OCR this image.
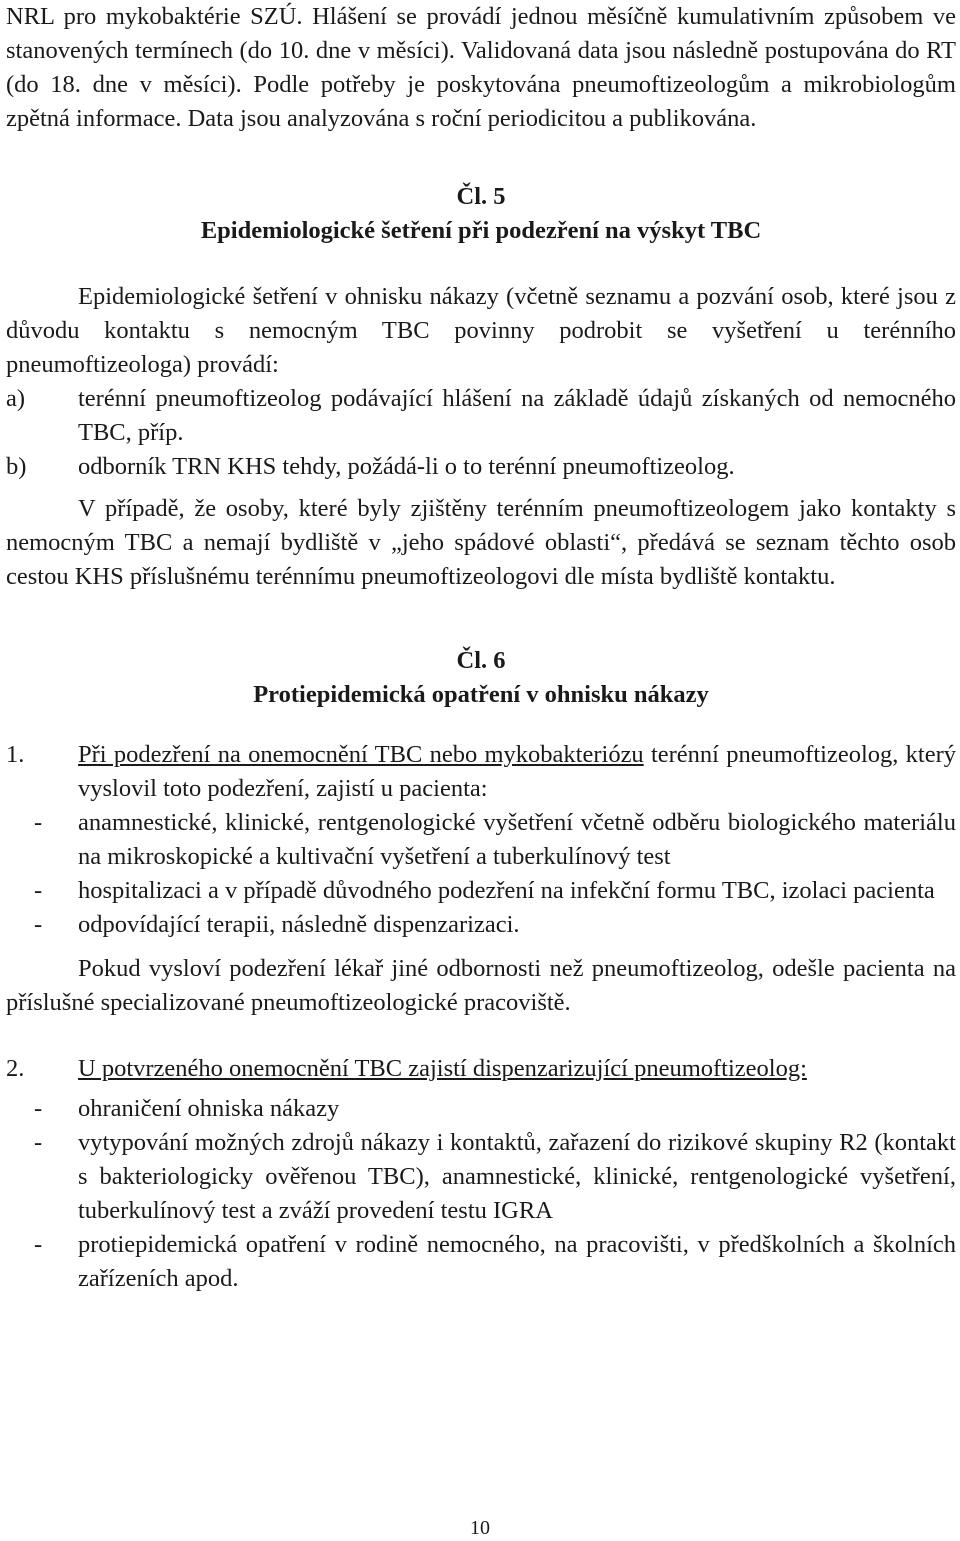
NRL pro mykobaktérie SZÚ. Hlášení se provádí jednou měsíčně kumulativním způsobem ve stanovených termínech (do 10. dne v měsíci). Validovaná data jsou následně postupována do RT (do 18. dne v měsíci). Podle potřeby je poskytována pneumoftizeologům a mikrobiologům zpětná informace. Data jsou analyzována s roční periodicitou a publikována.

Čl. 5
Epidemiologické šetření při podezření na výskyt TBC

Epidemiologické šetření v ohnisku nákazy (včetně seznamu a pozvání osob, které jsou z důvodu kontaktu s nemocným TBC povinny podrobit se vyšetření u terénního pneumoftizeologa) provádí:

a)	terénní pneumoftizeolog podávající hlášení na základě údajů získaných od nemocného TBC, příp.
b)	odborník TRN KHS tehdy, požádá-li o to terénní pneumoftizeolog.

V případě, že osoby, které byly zjištěny terénním pneumoftizeologem jako kontakty s nemocným TBC a nemají bydliště v „jeho spádové oblasti“, předává se seznam těchto osob cestou KHS příslušnému terénnímu pneumoftizeologovi dle místa bydliště kontaktu.

Čl. 6
Protiepidemická opatření v ohnisku nákazy
1.	Při podezření na onemocnění TBC nebo mykobakteriózu terénní pneumoftizeolog, který vyslovil toto podezření, zajistí u pacienta:
-	anamnestické, klinické, rentgenologické vyšetření včetně odběru biologického materiálu na mikroskopické a kultivační vyšetření a tuberkulínový test
-	hospitalizaci a v případě důvodného podezření na infekční formu TBC, izolaci pacienta
-	odpovídající terapii, následně dispenzarizaci.

Pokud vysloví podezření lékař jiné odbornosti než pneumoftizeolog, odešle pacienta na příslušné specializované pneumoftizeologické pracoviště.

2.	U potvrzeného onemocnění TBC zajistí dispenzarizující pneumoftizeolog:
-	ohraničení ohniska nákazy
-	vytypování možných zdrojů nákazy i kontaktů, zařazení do rizikové skupiny R2 (kontakt s bakteriologicky ověřenou TBC), anamnestické, klinické, rentgenologické vyšetření, tuberkulínový test a zváží provedení testu IGRA
-	protiepidemická opatření v rodině nemocného, na pracovišti, v předškolních a školních zařízeních apod.
10
